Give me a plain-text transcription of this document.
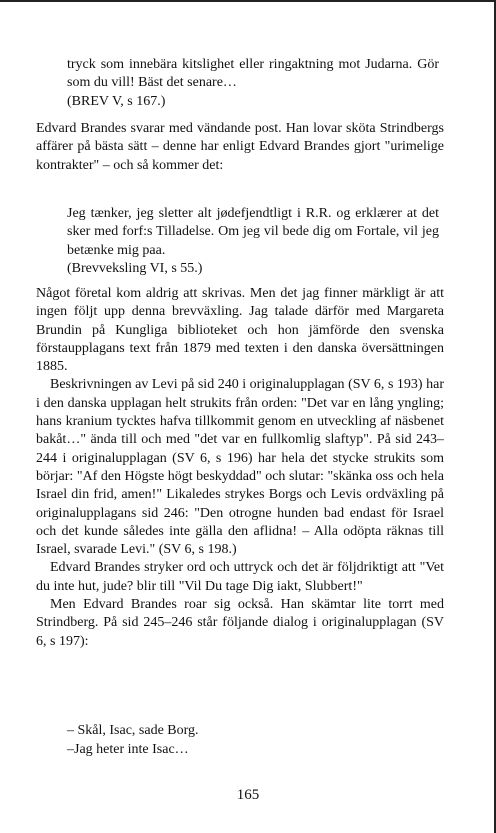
tryck som innebära kitslighet eller ringaktning mot Judarna. Gör som du vill! Bäst det senare…

(BREV V, s 167.)

Edvard Brandes svarar med vändande post. Han lovar sköta Strindbergs affärer på bästa sätt – denne har enligt Edvard Brandes gjort "urimelige kontrakter" – och så kommer det:

Jeg tænker, jeg sletter alt jødefjendtligt i R.R. og erklærer at det sker med forf:s Tilladelse. Om jeg vil bede dig om Fortale, vil jeg betænke mig paa.

(Brevveksling VI, s 55.)

Något företal kom aldrig att skrivas. Men det jag finner märkligt är att ingen följt upp denna brevväxling. Jag talade därför med Margareta Brundin på Kungliga biblioteket och hon jämförde den svenska förstaupplagans text från 1879 med texten i den danska översättningen 1885.

Beskrivningen av Levi på sid 240 i originalupplagan (SV 6, s 193) har i den danska upplagan helt strukits från orden: "Det var en lång yngling; hans kranium tycktes hafva tillkommit genom en utveckling af näsbenet bakåt…" ända till och med "det var en fullkomlig slaftyp". På sid 243–244 i originalupplagan (SV 6, s 196) har hela det stycke strukits som börjar: "Af den Högste högt beskyddad" och slutar: "skänka oss och hela Israel din frid, amen!" Likaledes strykes Borgs och Levis ordväxling på originalupplagans sid 246: "Den otrogne hunden bad endast för Israel och det kunde således inte gälla den aflidna! – Alla odöpta räknas till Israel, svarade Levi." (SV 6, s 198.)

Edvard Brandes stryker ord och uttryck och det är följdriktigt att "Vet du inte hut, jude? blir till "Vil Du tage Dig iakt, Slubbert!"

Men Edvard Brandes roar sig också. Han skämtar lite torrt med Strindberg. På sid 245–246 står följande dialog i originalupplagan (SV 6, s 197):

– Skål, Isac, sade Borg.

–Jag heter inte Isac…

165
